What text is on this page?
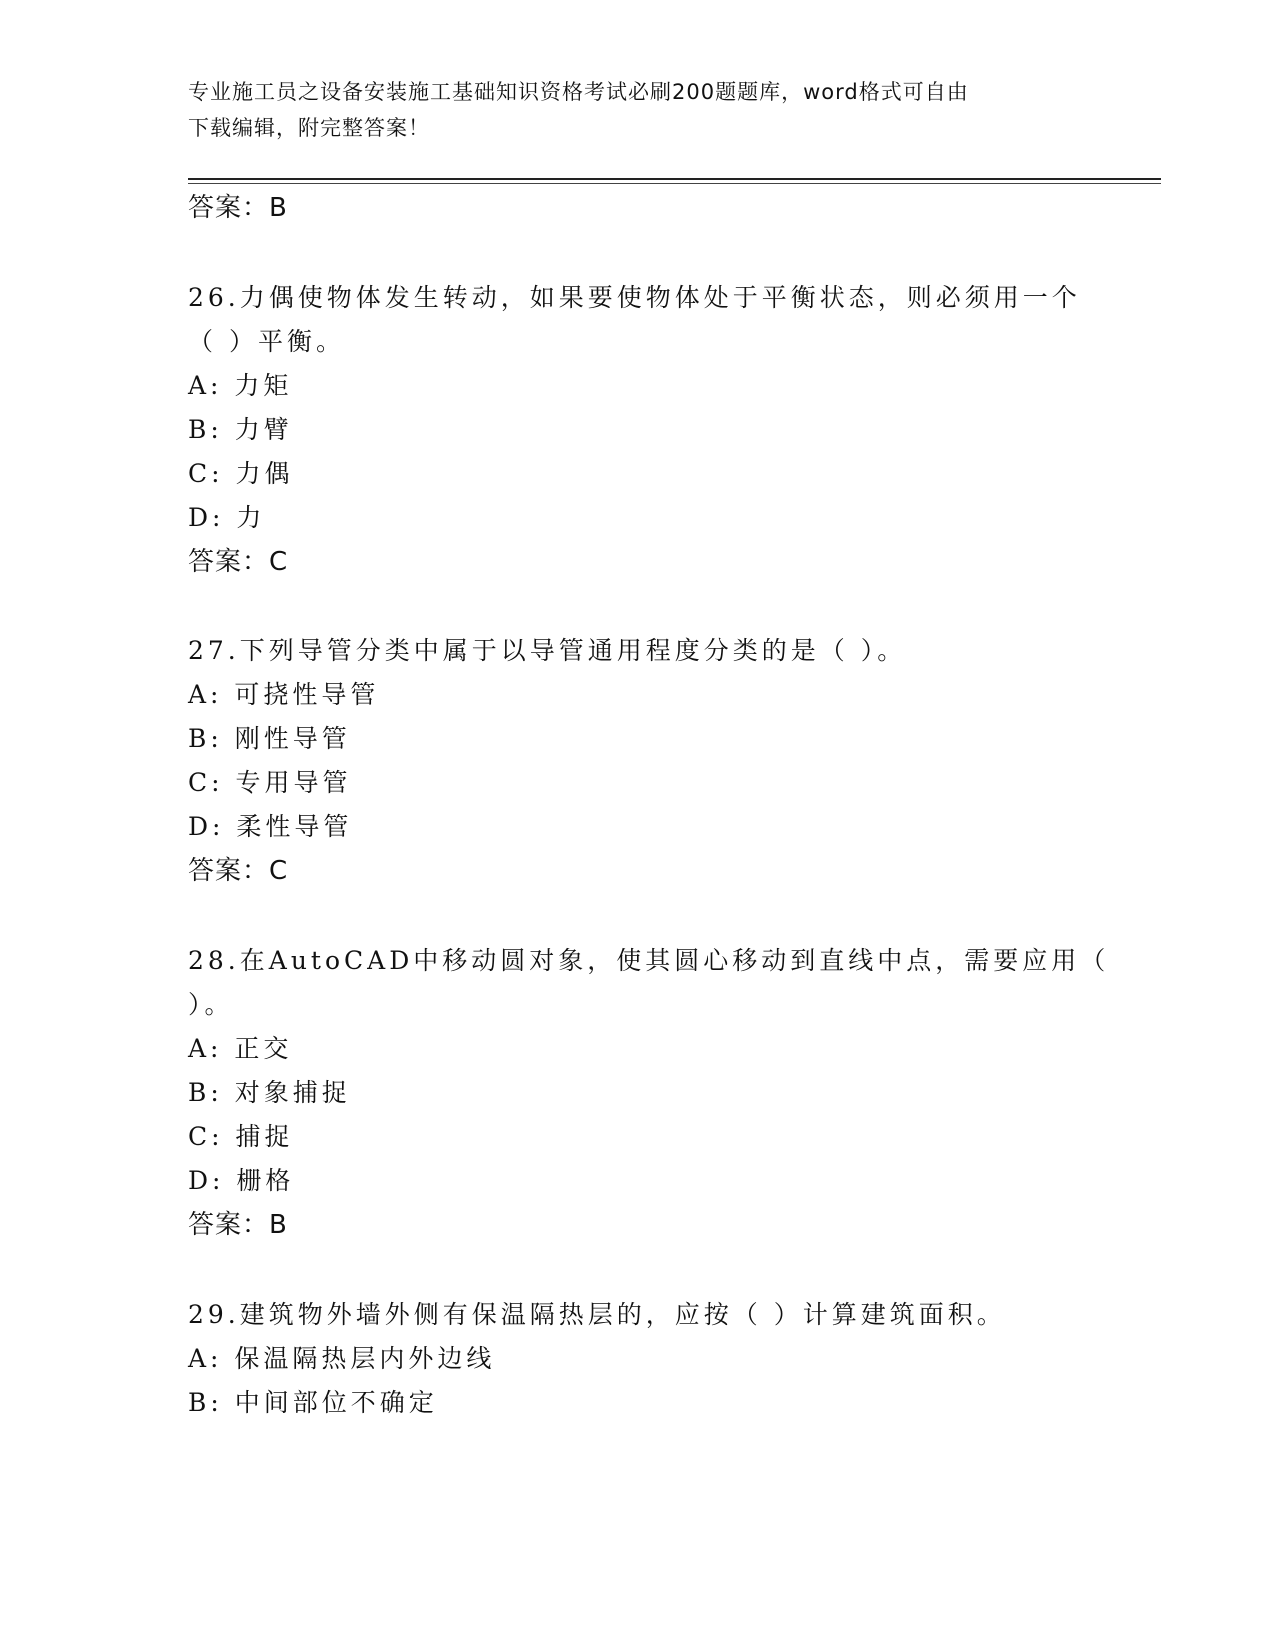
专业施工员之设备安装施工基础知识资格考试必刷200题题库，word格式可自由
下载编辑，附完整答案！
答案：B
26.力偶使物体发生转动，如果要使物体处于平衡状态，则必须用一个
（ ）平衡。
A: 力矩
B: 力臂
C: 力偶
D: 力
答案：C
27.下列导管分类中属于以导管通用程度分类的是（ ）。
A: 可挠性导管
B: 刚性导管
C: 专用导管
D: 柔性导管
答案：C
28.在AutoCAD中移动圆对象，使其圆心移动到直线中点，需要应用（
）。
A: 正交
B: 对象捕捉
C: 捕捉
D: 栅格
答案：B
29.建筑物外墙外侧有保温隔热层的，应按（ ）计算建筑面积。
A: 保温隔热层内外边线
B: 中间部位不确定
